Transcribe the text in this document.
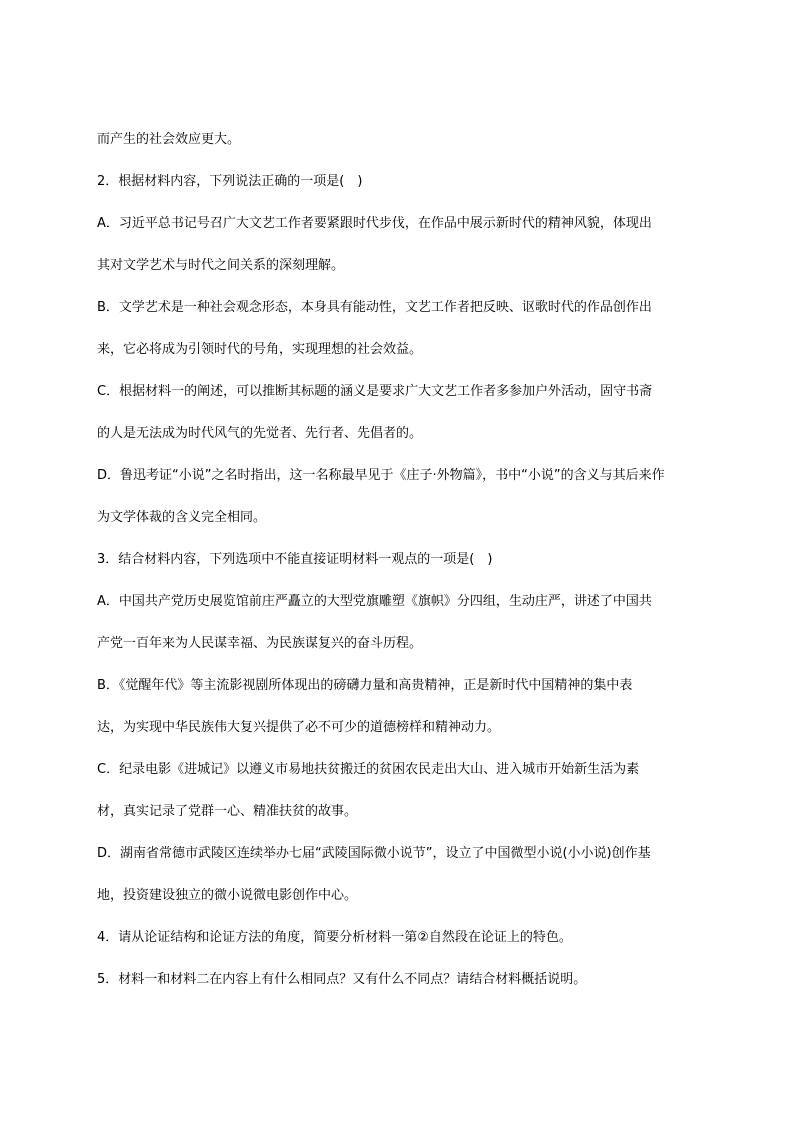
而产生的社会效应更大。
2．根据材料内容，下列说法正确的一项是(　)
A．习近平总书记号召广大文艺工作者要紧跟时代步伐，在作品中展示新时代的精神风貌，体现出
其对文学艺术与时代之间关系的深刻理解。
B．文学艺术是一种社会观念形态，本身具有能动性，文艺工作者把反映、讴歌时代的作品创作出
来，它必将成为引领时代的号角，实现理想的社会效益。
C．根据材料一的阐述，可以推断其标题的涵义是要求广大文艺工作者多参加户外活动，固守书斋
的人是无法成为时代风气的先觉者、先行者、先倡者的。
D．鲁迅考证“小说”之名时指出，这一名称最早见于《庄子·外物篇》，书中“小说”的含义与其后来作
为文学体裁的含义完全相同。
3．结合材料内容，下列选项中不能直接证明材料一观点的一项是(　)
A．中国共产党历史展览馆前庄严矗立的大型党旗雕塑《旗帜》分四组，生动庄严，讲述了中国共
产党一百年来为人民谋幸福、为民族谋复兴的奋斗历程。
B．《觉醒年代》等主流影视剧所体现出的磅礴力量和高贵精神，正是新时代中国精神的集中表
达，为实现中华民族伟大复兴提供了必不可少的道德榜样和精神动力。
C．纪录电影《进城记》以遵义市易地扶贫搬迁的贫困农民走出大山、进入城市开始新生活为素
材，真实记录了党群一心、精准扶贫的故事。
D．湖南省常德市武陵区连续举办七届“武陵国际微小说节”，设立了中国微型小说(小小说)创作基
地，投资建设独立的微小说微电影创作中心。
4．请从论证结构和论证方法的角度，简要分析材料一第②自然段在论证上的特色。
5．材料一和材料二在内容上有什么相同点？又有什么不同点？请结合材料概括说明。
